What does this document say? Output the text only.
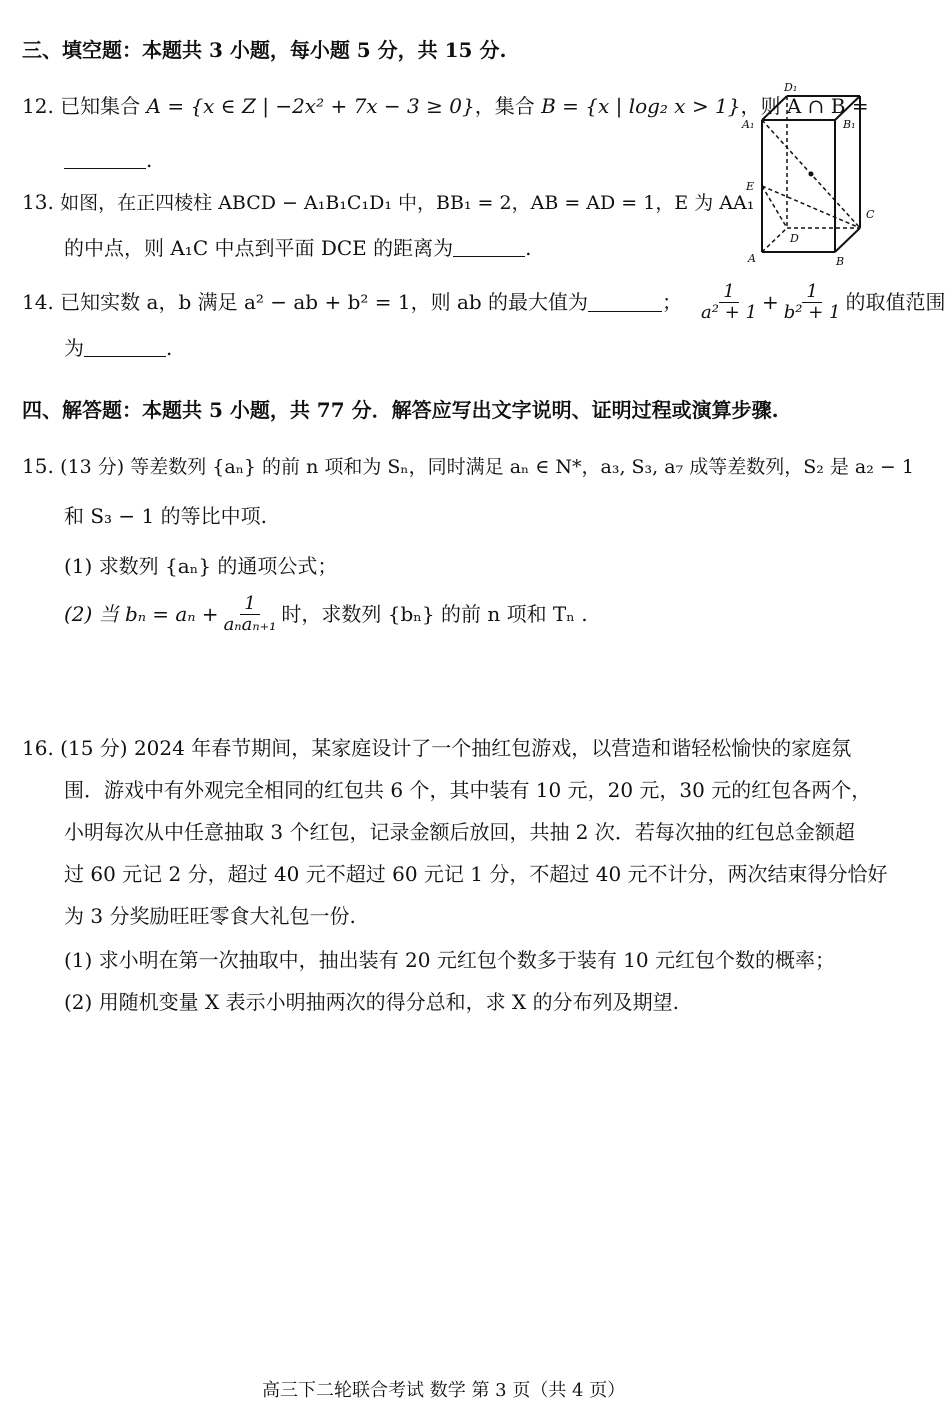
三、填空题：本题共 3 小题，每小题 5 分，共 15 分.
12. 已知集合 A = {x ∈ Z | −2x² + 7x − 3 ≥ 0}，集合 B = {x | log₂ x > 1}，则 A ∩ B =
.
13. 如图，在正四棱柱 ABCD − A₁B₁C₁D₁ 中，BB₁ = 2，AB = AD = 1，E 为 AA₁
的中点，则 A₁C 中点到平面 DCE 的距离为	.
D₁
A₁	B₁
E
C
D
A	B
14.
已知实数 a，b 满足 a² − ab + b² = 1，则 ab 的最大值为	； $\frac{1}{\text{a² + 1}} + \frac{1}{\text{b² + 1}}$ 的取值范围
为	.
四、解答题：本题共 5 小题，共 77 分．解答应写出文字说明、证明过程或演算步骤.
15. (13 分) 等差数列 {aₙ} 的前 n 项和为 Sₙ，同时满足 aₙ ∈ N*，a₃, S₃, a₇ 成等差数列，S₂ 是 a₂ − 1
和 S₃ − 1 的等比中项.
(1) 求数列 {aₙ} 的通项公式；
(2) 当 $b_n = a_n + \frac{1}{\text{aₙaₙ₊₁}}$ 时，求数列 {bₙ} 的前 n 项和 Tₙ .
16. (15 分) 2024 年春节期间，某家庭设计了一个抽红包游戏，以营造和谐轻松愉快的家庭氛
围．游戏中有外观完全相同的红包共 6 个，其中装有 10 元，20 元，30 元的红包各两个，
小明每次从中任意抽取 3 个红包，记录金额后放回，共抽 2 次．若每次抽的红包总金额超
过 60 元记 2 分，超过 40 元不超过 60 元记 1 分，不超过 40 元不计分，两次结束得分恰好
为 3 分奖励旺旺零食大礼包一份.
(1) 求小明在第一次抽取中，抽出装有 20 元红包个数多于装有 10 元红包个数的概率；
(2) 用随机变量 X 表示小明抽两次的得分总和，求 X 的分布列及期望.
高三下二轮联合考试 数学 第 3 页（共 4 页）
